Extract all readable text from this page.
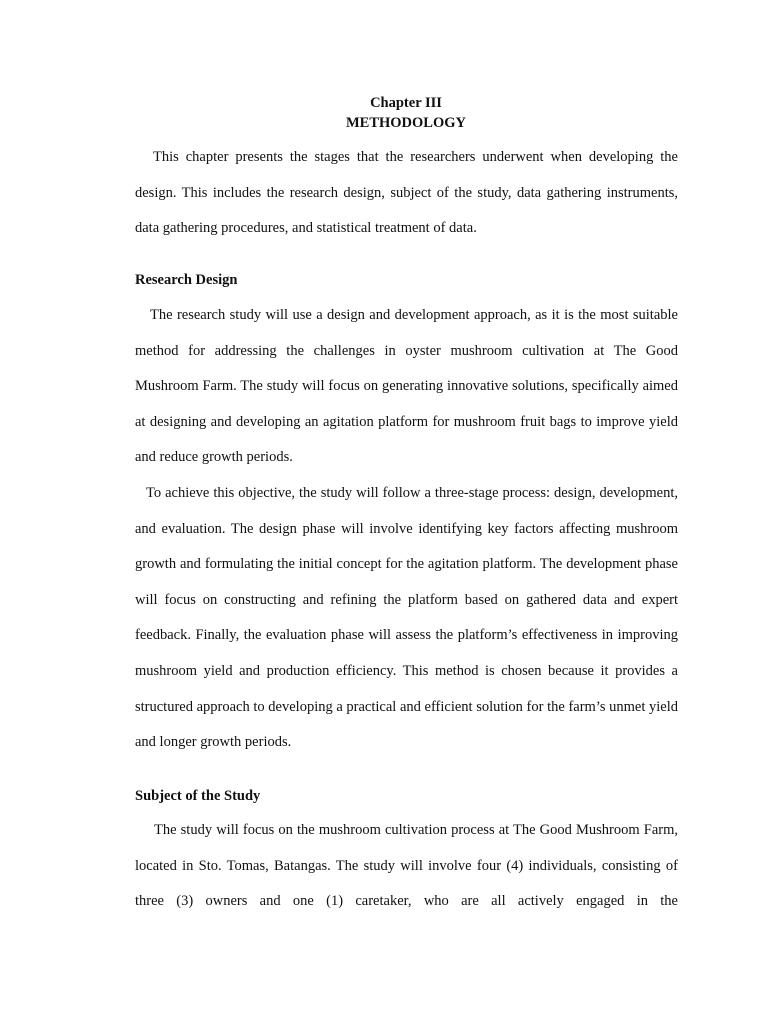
Chapter III
METHODOLOGY

This chapter presents the stages that the researchers underwent when developing the design. This includes the research design, subject of the study, data gathering instruments, data gathering procedures, and statistical treatment of data.

Research Design

The research study will use a design and development approach, as it is the most suitable method for addressing the challenges in oyster mushroom cultivation at The Good Mushroom Farm. The study will focus on generating innovative solutions, specifically aimed at designing and developing an agitation platform for mushroom fruit bags to improve yield and reduce growth periods.

To achieve this objective, the study will follow a three-stage process: design, development, and evaluation. The design phase will involve identifying key factors affecting mushroom growth and formulating the initial concept for the agitation platform. The development phase will focus on constructing and refining the platform based on gathered data and expert feedback. Finally, the evaluation phase will assess the platform’s effectiveness in improving mushroom yield and production efficiency. This method is chosen because it provides a structured approach to developing a practical and efficient solution for the farm’s unmet yield and longer growth periods.

Subject of the Study

The study will focus on the mushroom cultivation process at The Good Mushroom Farm, located in Sto. Tomas, Batangas. The study will involve four (4) individuals, consisting of three (3) owners and one (1) caretaker, who are all actively engaged in the
